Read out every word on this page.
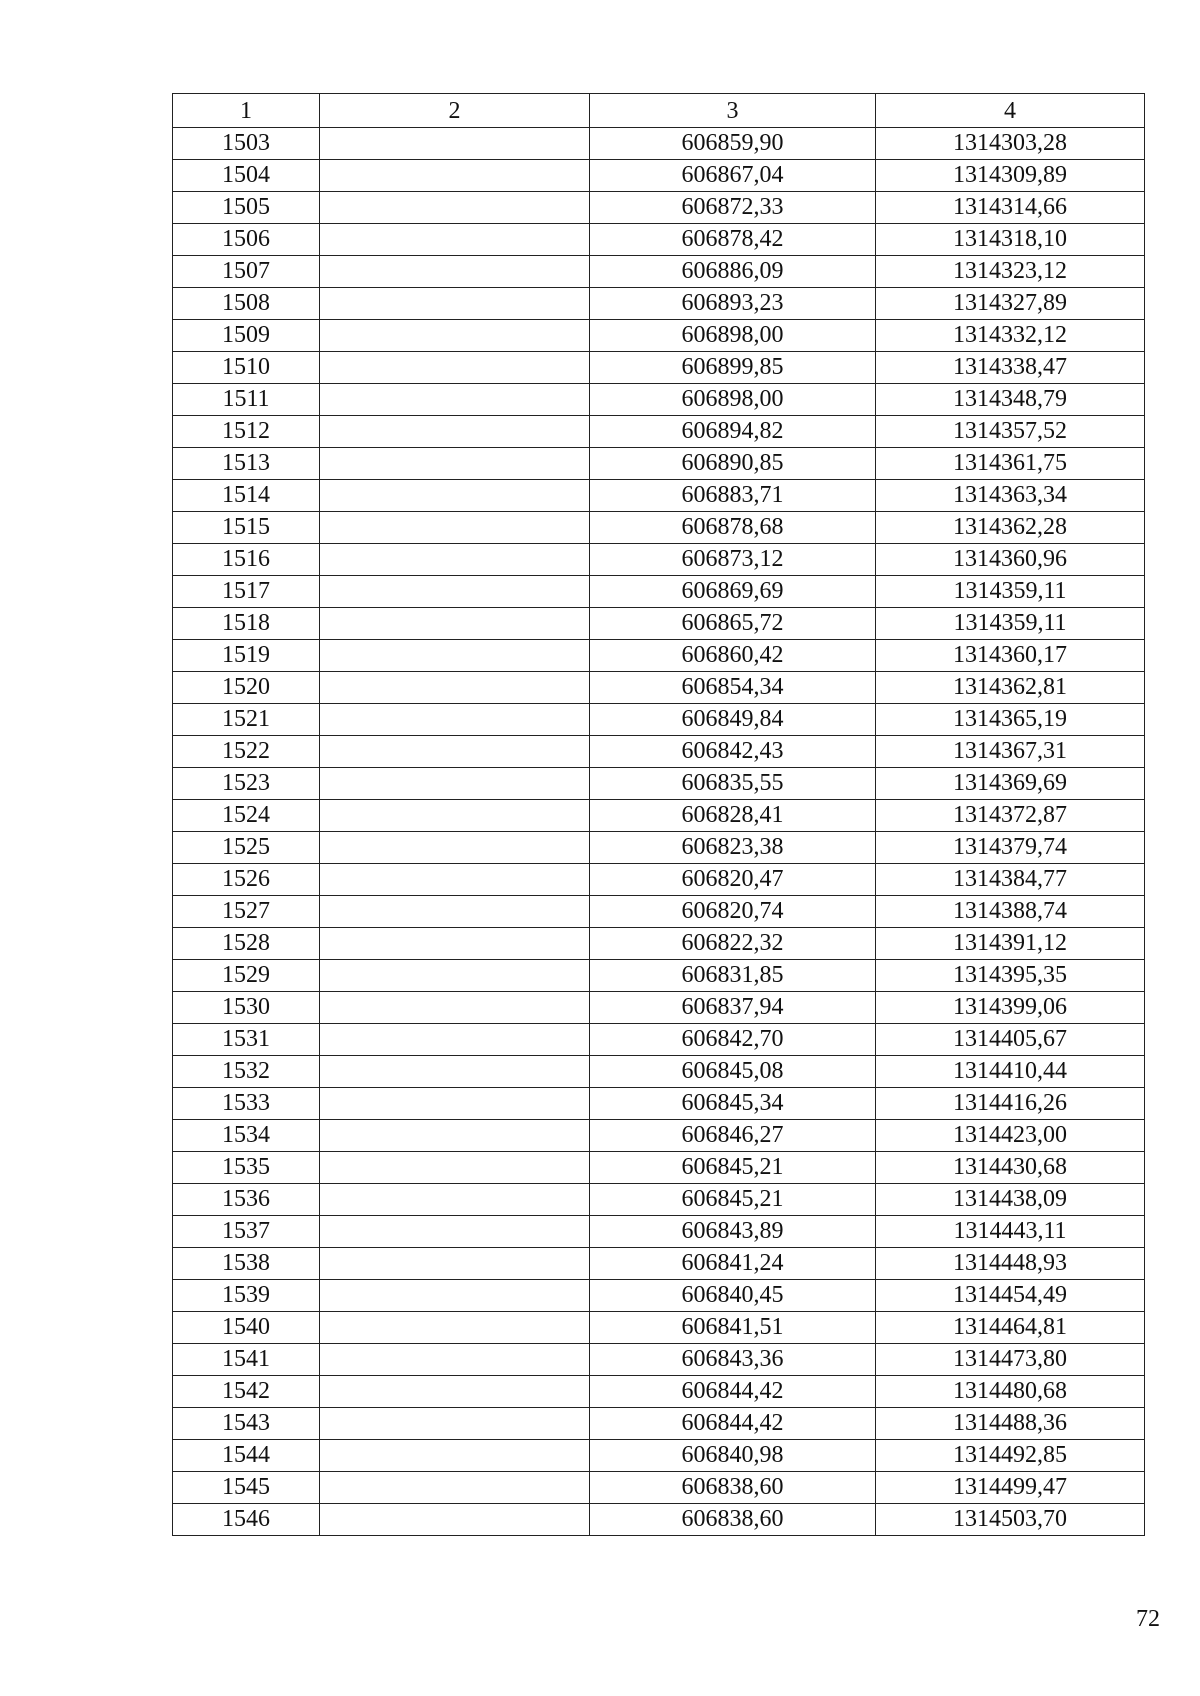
1	2	3	4
1503		606859,90	1314303,28
1504		606867,04	1314309,89
1505		606872,33	1314314,66
1506		606878,42	1314318,10
1507		606886,09	1314323,12
1508		606893,23	1314327,89
1509		606898,00	1314332,12
1510		606899,85	1314338,47
1511		606898,00	1314348,79
1512		606894,82	1314357,52
1513		606890,85	1314361,75
1514		606883,71	1314363,34
1515		606878,68	1314362,28
1516		606873,12	1314360,96
1517		606869,69	1314359,11
1518		606865,72	1314359,11
1519		606860,42	1314360,17
1520		606854,34	1314362,81
1521		606849,84	1314365,19
1522		606842,43	1314367,31
1523		606835,55	1314369,69
1524		606828,41	1314372,87
1525		606823,38	1314379,74
1526		606820,47	1314384,77
1527		606820,74	1314388,74
1528		606822,32	1314391,12
1529		606831,85	1314395,35
1530		606837,94	1314399,06
1531		606842,70	1314405,67
1532		606845,08	1314410,44
1533		606845,34	1314416,26
1534		606846,27	1314423,00
1535		606845,21	1314430,68
1536		606845,21	1314438,09
1537		606843,89	1314443,11
1538		606841,24	1314448,93
1539		606840,45	1314454,49
1540		606841,51	1314464,81
1541		606843,36	1314473,80
1542		606844,42	1314480,68
1543		606844,42	1314488,36
1544		606840,98	1314492,85
1545		606838,60	1314499,47
1546		606838,60	1314503,70
72
